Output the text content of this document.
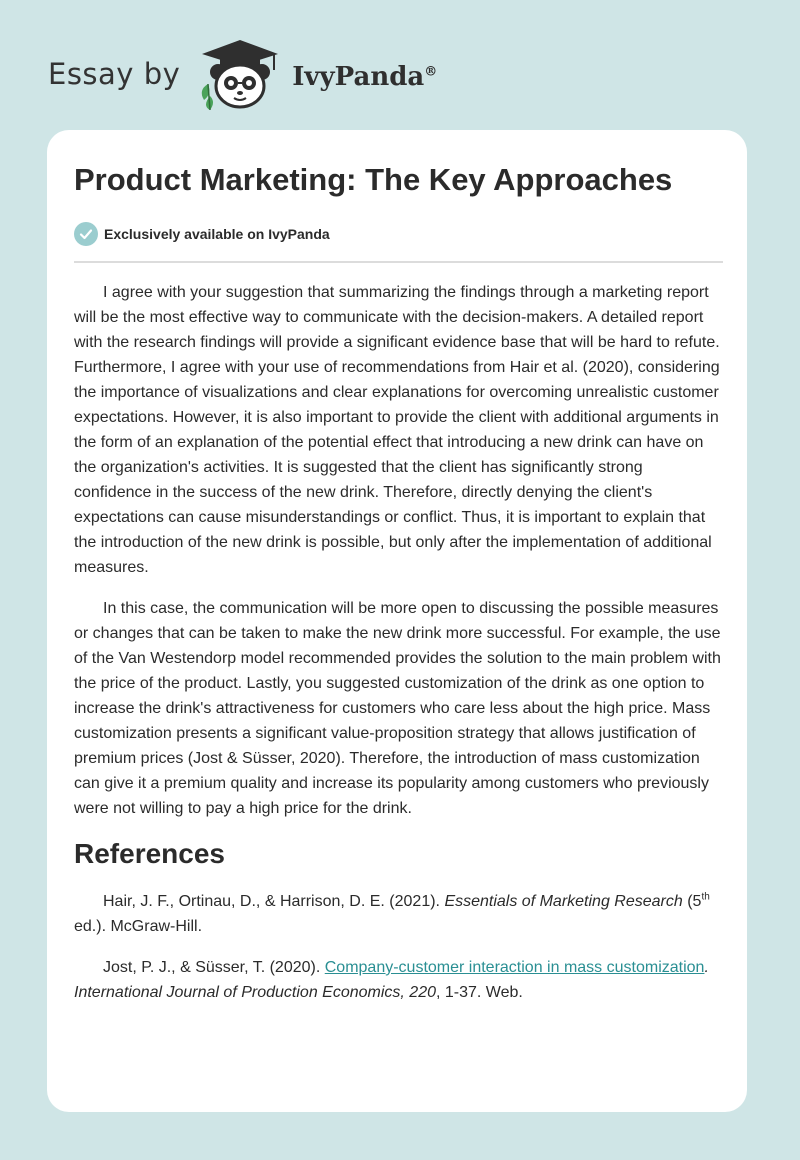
Essay by	IvyPanda®
Product Marketing: The Key Approaches
Exclusively available on IvyPanda

I agree with your suggestion that summarizing the findings through a marketing report will be the most effective way to communicate with the decision-makers. A detailed report with the research findings will provide a significant evidence base that will be hard to refute. Furthermore, I agree with your use of recommendations from Hair et al. (2020), considering the importance of visualizations and clear explanations for overcoming unrealistic customer expectations. However, it is also important to provide the client with additional arguments in the form of an explanation of the potential effect that introducing a new drink can have on the organization's activities. It is suggested that the client has significantly strong confidence in the success of the new drink. Therefore, directly denying the client's expectations can cause misunderstandings or conflict. Thus, it is important to explain that the introduction of the new drink is possible, but only after the implementation of additional measures.

In this case, the communication will be more open to discussing the possible measures or changes that can be taken to make the new drink more successful. For example, the use of the Van Westendorp model recommended provides the solution to the main problem with the price of the product. Lastly, you suggested customization of the drink as one option to increase the drink's attractiveness for customers who care less about the high price. Mass customization presents a significant value-proposition strategy that allows justification of premium prices (Jost & Süsser, 2020). Therefore, the introduction of mass customization can give it a premium quality and increase its popularity among customers who previously were not willing to pay a high price for the drink.

References

Hair, J. F., Ortinau, D., & Harrison, D. E. (2021). Essentials of Marketing Research (5th ed.). McGraw-Hill.

Jost, P. J., & Süsser, T. (2020). Company-customer interaction in mass customization. International Journal of Production Economics, 220, 1-37. Web.
